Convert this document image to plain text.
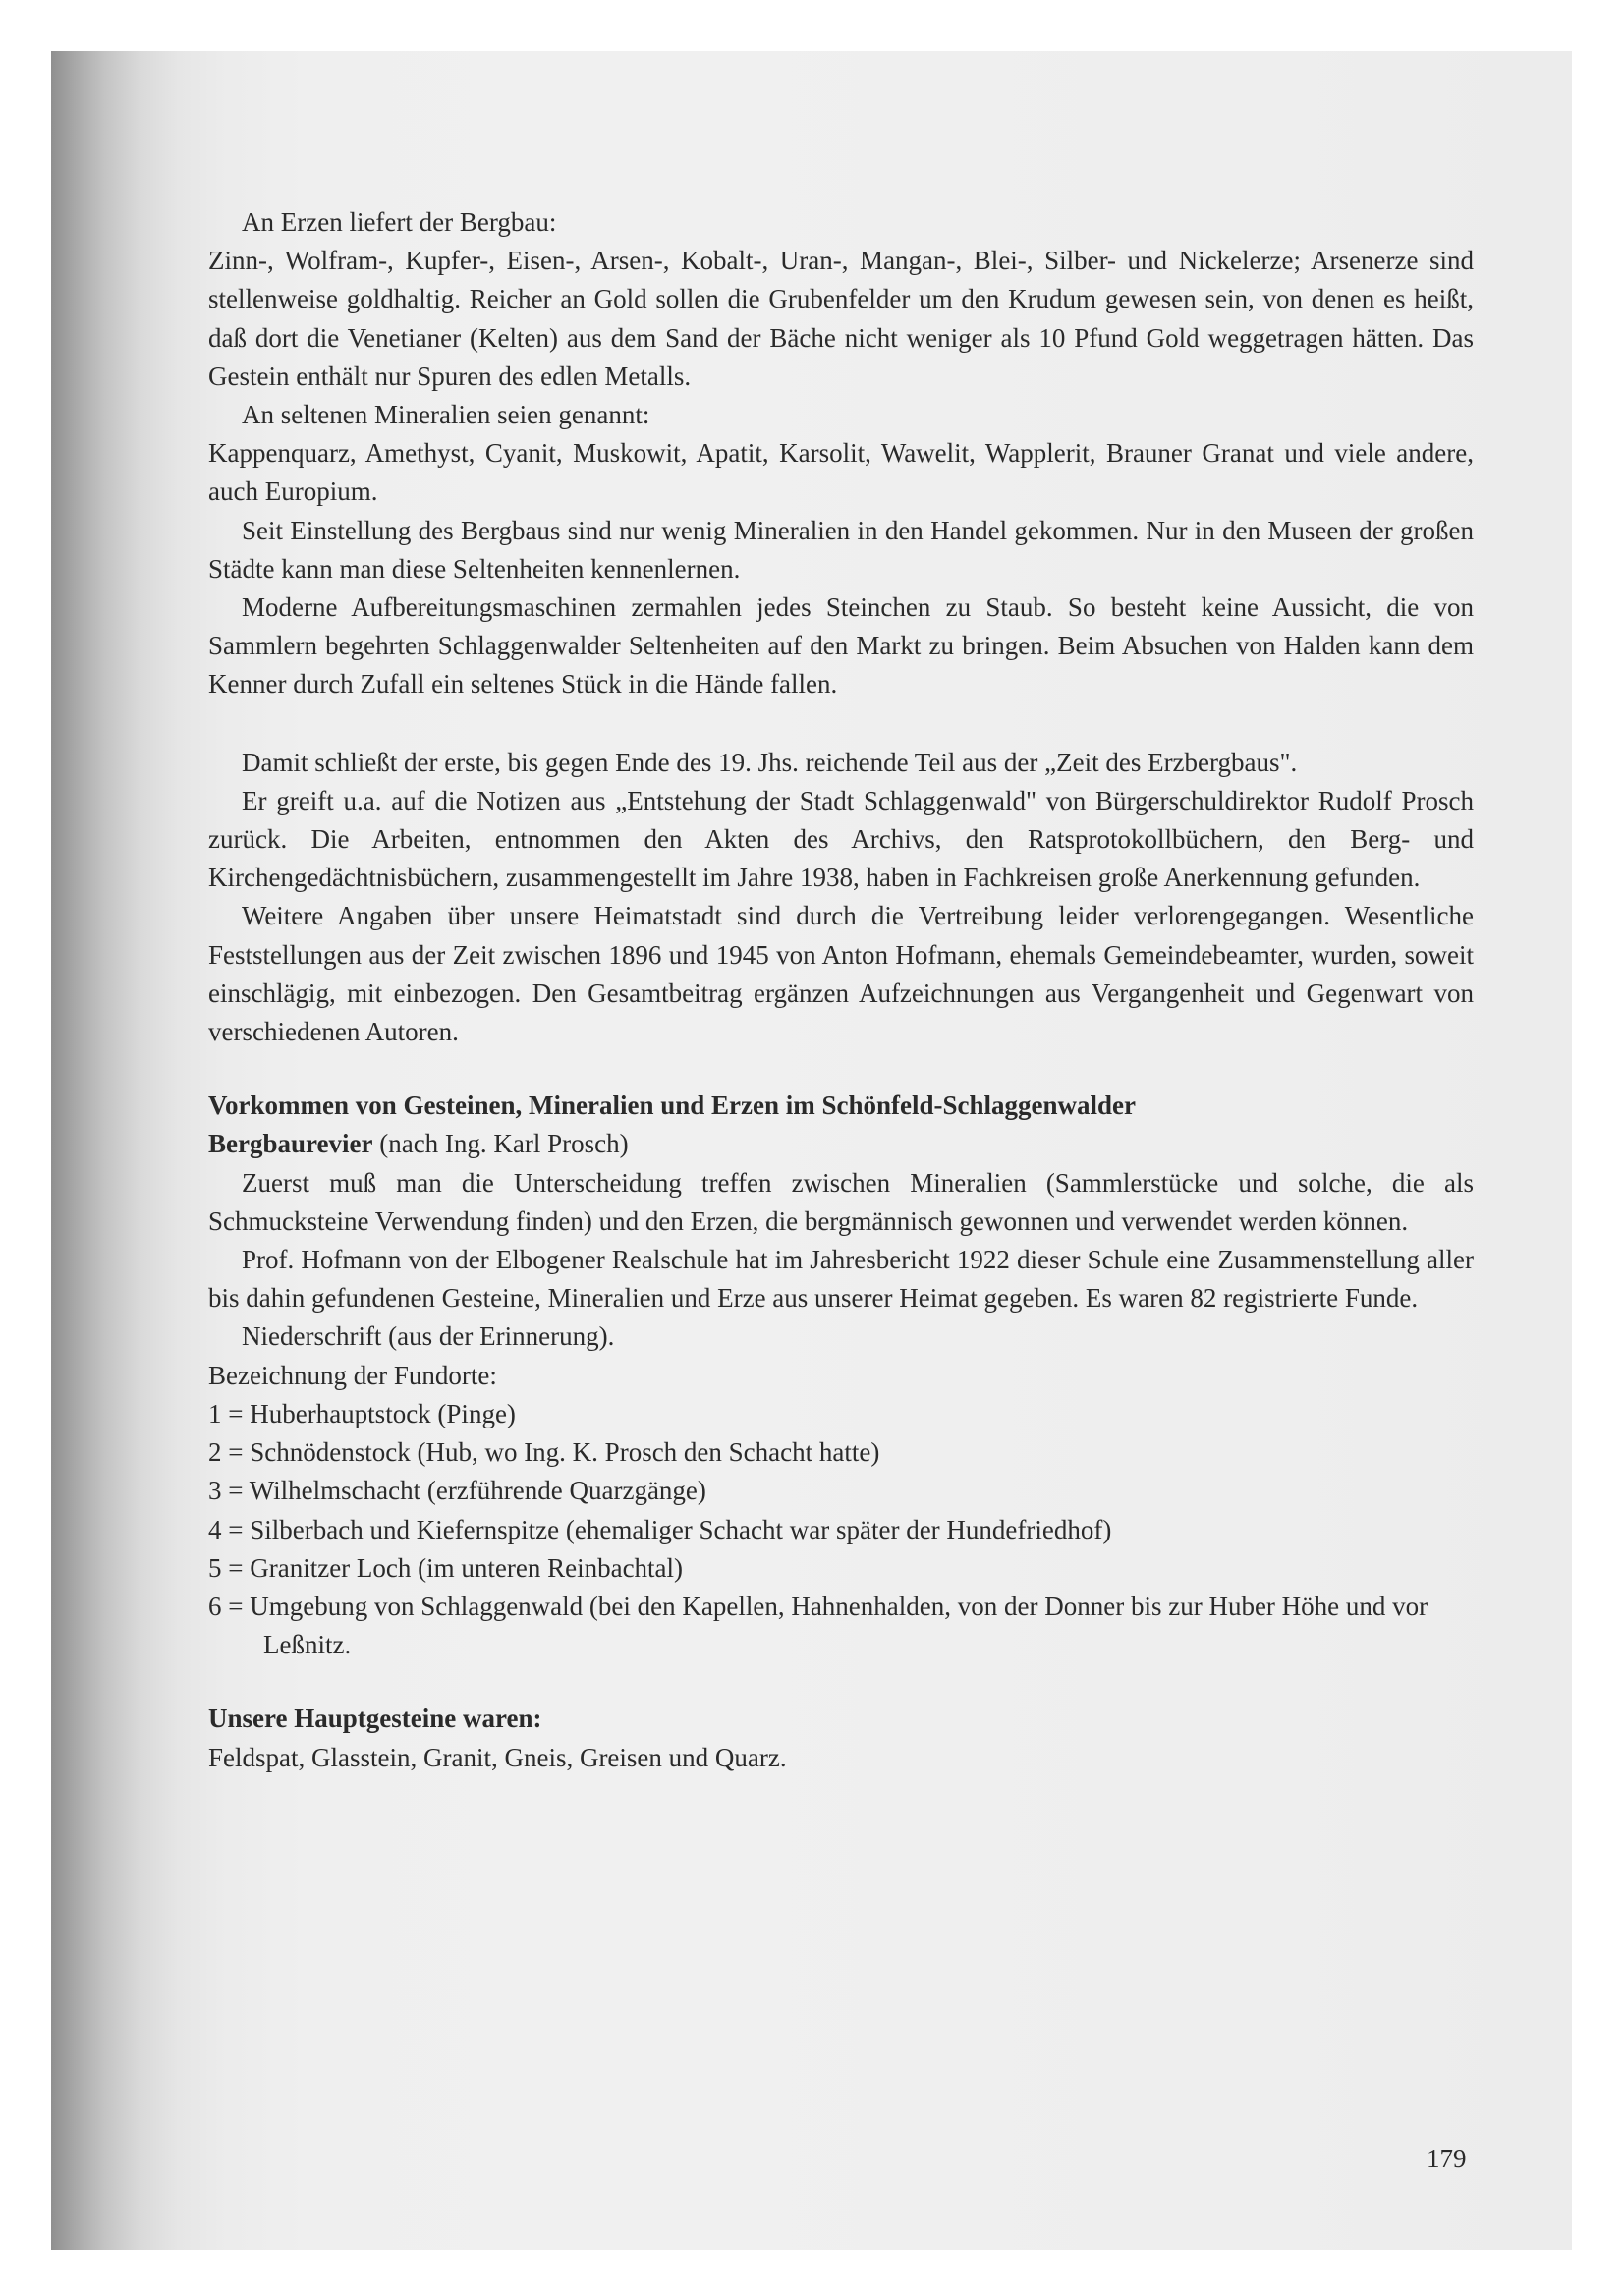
An Erzen liefert der Bergbau:

Zinn-, Wolfram-, Kupfer-, Eisen-, Arsen-, Kobalt-, Uran-, Mangan-, Blei-, Silber- und Nickelerze; Arsenerze sind stellenweise goldhaltig. Reicher an Gold sollen die Grubenfelder um den Krudum gewesen sein, von denen es heißt, daß dort die Venetianer (Kelten) aus dem Sand der Bäche nicht weniger als 10 Pfund Gold weggetragen hätten. Das Gestein enthält nur Spuren des edlen Metalls.

An seltenen Mineralien seien genannt:

Kappenquarz, Amethyst, Cyanit, Muskowit, Apatit, Karsolit, Wawelit, Wapplerit, Brauner Granat und viele andere, auch Europium.

Seit Einstellung des Bergbaus sind nur wenig Mineralien in den Handel gekommen. Nur in den Museen der großen Städte kann man diese Seltenheiten kennenlernen.

Moderne Aufbereitungsmaschinen zermahlen jedes Steinchen zu Staub. So besteht keine Aussicht, die von Sammlern begehrten Schlaggenwalder Seltenheiten auf den Markt zu bringen. Beim Absuchen von Halden kann dem Kenner durch Zufall ein seltenes Stück in die Hände fallen.

Damit schließt der erste, bis gegen Ende des 19. Jhs. reichende Teil aus der „Zeit des Erzbergbaus".

Er greift u.a. auf die Notizen aus „Entstehung der Stadt Schlaggenwald" von Bürgerschuldirektor Rudolf Prosch zurück. Die Arbeiten, entnommen den Akten des Archivs, den Ratsprotokollbüchern, den Berg- und Kirchengedächtnisbüchern, zusammengestellt im Jahre 1938, haben in Fachkreisen große Anerkennung gefunden.

Weitere Angaben über unsere Heimatstadt sind durch die Vertreibung leider verlorengegangen. Wesentliche Feststellungen aus der Zeit zwischen 1896 und 1945 von Anton Hofmann, ehemals Gemeindebeamter, wurden, soweit einschlägig, mit einbezogen. Den Gesamtbeitrag ergänzen Aufzeichnungen aus Vergangenheit und Gegenwart von verschiedenen Autoren.

Vorkommen von Gesteinen, Mineralien und Erzen im Schönfeld-Schlaggenwalder
Bergbaurevier (nach Ing. Karl Prosch)

Zuerst muß man die Unterscheidung treffen zwischen Mineralien (Sammlerstücke und solche, die als Schmucksteine Verwendung finden) und den Erzen, die bergmännisch gewonnen und verwendet werden können.

Prof. Hofmann von der Elbogener Realschule hat im Jahresbericht 1922 dieser Schule eine Zusammenstellung aller bis dahin gefundenen Gesteine, Mineralien und Erze aus unserer Heimat gegeben. Es waren 82 registrierte Funde.

Niederschrift (aus der Erinnerung).

Bezeichnung der Fundorte:

1 = Huberhauptstock (Pinge)

2 = Schnödenstock (Hub, wo Ing. K. Prosch den Schacht hatte)

3 = Wilhelmschacht (erzführende Quarzgänge)

4 = Silberbach und Kiefernspitze (ehemaliger Schacht war später der Hundefriedhof)

5 = Granitzer Loch (im unteren Reinbachtal)

6 = Umgebung von Schlaggenwald (bei den Kapellen, Hahnenhalden, von der Donner bis zur Huber Höhe und vor Leßnitz.

Unsere Hauptgesteine waren:

Feldspat, Glasstein, Granit, Gneis, Greisen und Quarz.

179
